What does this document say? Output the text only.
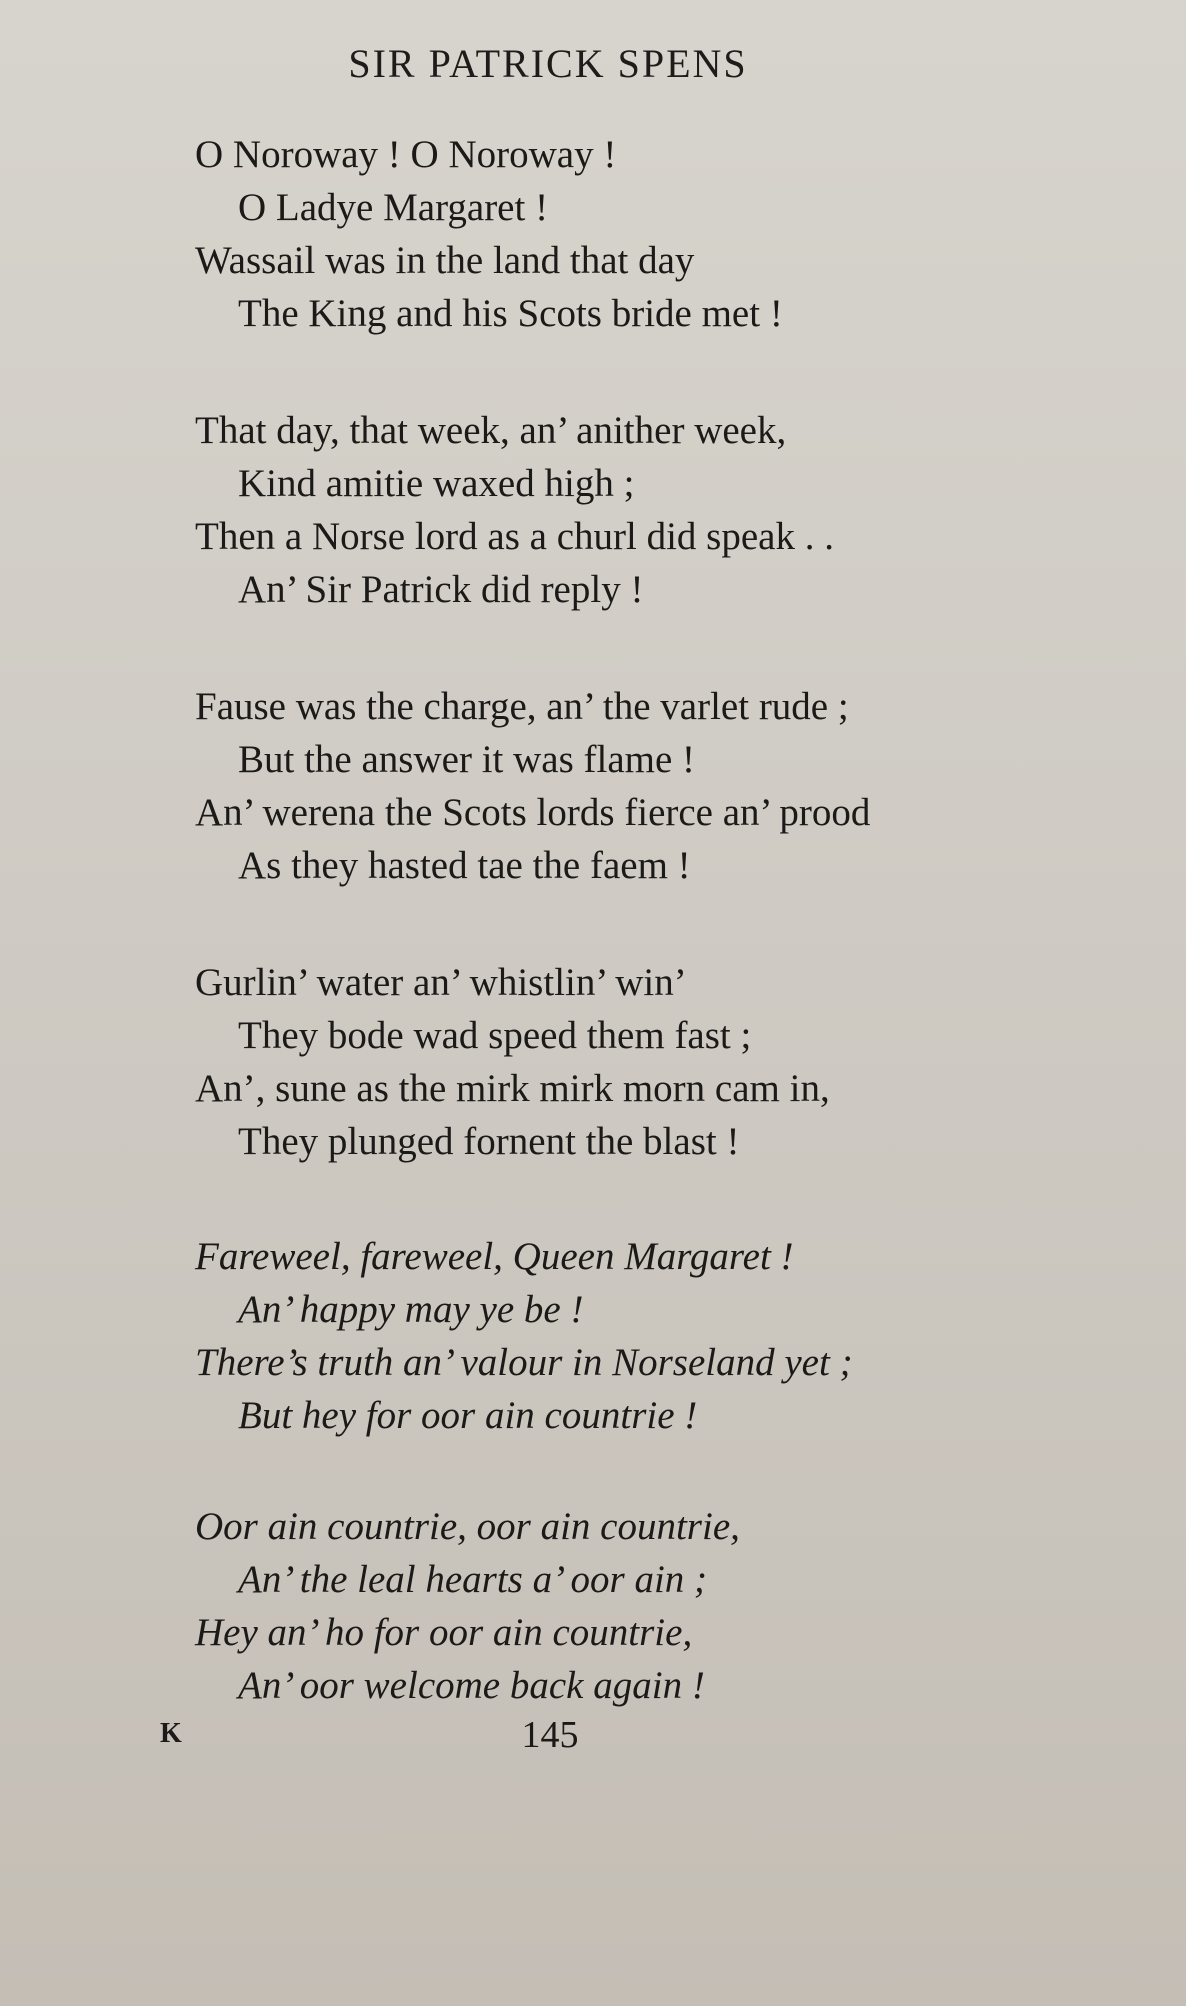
SIR PATRICK SPENS
O Noroway ! O Noroway !
O Ladye Margaret !
Wassail was in the land that day
The King and his Scots bride met !
That day, that week, an’ anither week,
Kind amitie waxed high ;
Then a Norse lord as a churl did speak . .
An’ Sir Patrick did reply !
Fause was the charge, an’ the varlet rude ;
But the answer it was flame !
An’ werena the Scots lords fierce an’ prood
As they hasted tae the faem !
Gurlin’ water an’ whistlin’ win’
They bode wad speed them fast ;
An’, sune as the mirk mirk morn cam in,
They plunged fornent the blast !
Fareweel, fareweel, Queen Margaret !
An’ happy may ye be !
There’s truth an’ valour in Norseland yet ;
But hey for oor ain countrie !
Oor ain countrie, oor ain countrie,
An’ the leal hearts a’ oor ain ;
Hey an’ ho for oor ain countrie,
An’ oor welcome back again !
K	145
